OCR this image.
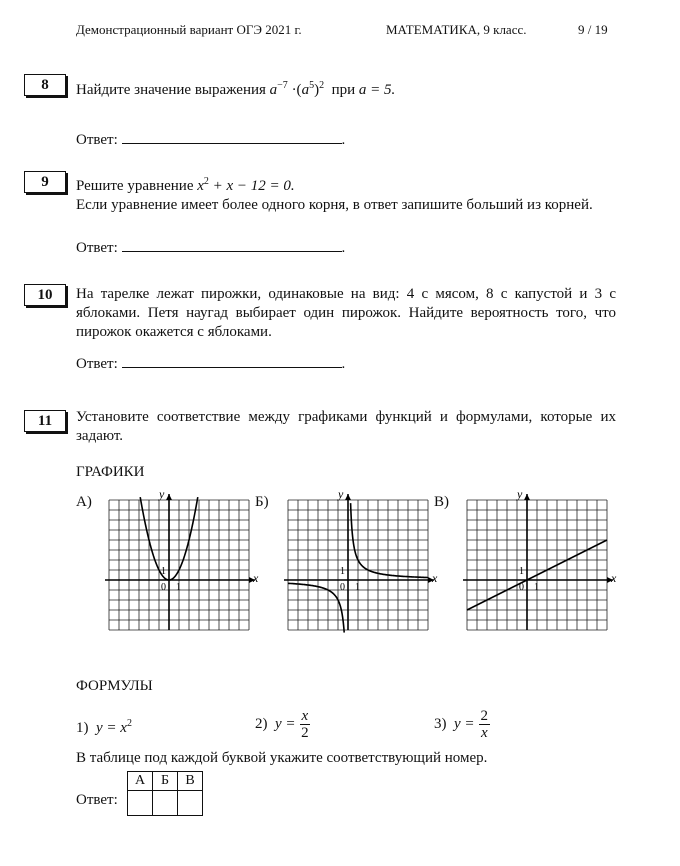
Демонстрационный вариант ОГЭ 2021 г.	МАТЕМАТИКА, 9 класс.	9 / 19
8	Найдите значение выражения $a^{-7} \cdot(a^5)^2$ при a = 5.
Ответ:	.
9	Решите уравнение $x^2 + x - 12 = 0$.
Если уравнение имеет более одного корня, в ответ запишите больший из корней.
Ответ:	.
10	На тарелке лежат пирожки, одинаковые на вид: 4 с мясом, 8 с капустой и 3 с яблоками. Петя наугад выбирает один пирожок. Найдите вероятность того, что пирожок окажется с яблоками.
Ответ:	.
11	Установите соответствие между графиками функций и формулами, которые их задают.
ГРАФИКИ
А)	Б)	В)
x
y
0 1
1	x
y
0 1
1	x
y
0 1
1
ФОРМУЛЫ
1) $y = x^2$	2)
$y = \frac{x}{2}$	3)
$y = \frac{2}{x}$
В таблице под каждой буквой укажите соответствующий номер.
Ответ:
А	Б	В
